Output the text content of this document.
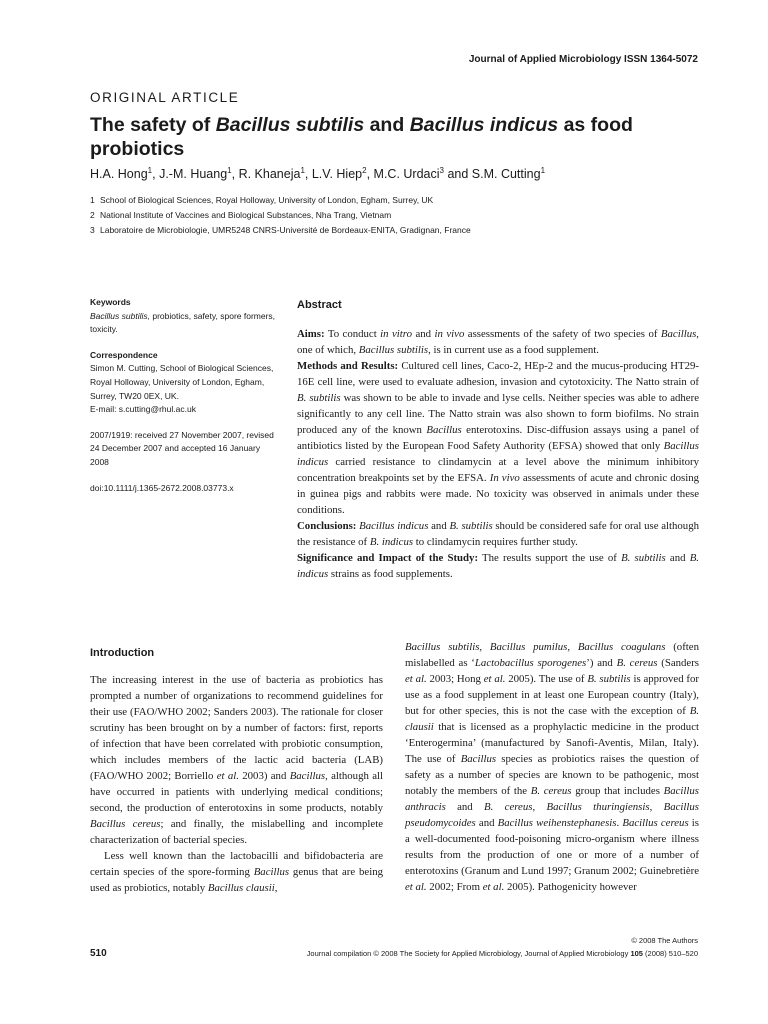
Journal of Applied Microbiology ISSN 1364-5072
ORIGINAL ARTICLE
The safety of Bacillus subtilis and Bacillus indicus as food probiotics
H.A. Hong$^1$, J.-M. Huang$^1$, R. Khaneja$^1$, L.V. Hiep$^2$, M.C. Urdaci$^3$ and S.M. Cutting$^1$
1 School of Biological Sciences, Royal Holloway, University of London, Egham, Surrey, UK
2 National Institute of Vaccines and Biological Substances, Nha Trang, Vietnam
3 Laboratoire de Microbiologie, UMR5248 CNRS-Université de Bordeaux-ENITA, Gradignan, France
Keywords

Bacillus subtilis, probiotics, safety, spore formers, toxicity.

Correspondence

Simon M. Cutting, School of Biological Sciences, Royal Holloway, University of London, Egham, Surrey, TW20 0EX, UK.

E-mail: s.cutting@rhul.ac.uk

2007/1919: received 27 November 2007, revised 24 December 2007 and accepted 16 January 2008

doi:10.1111/j.1365-2672.2008.03773.x

Abstract

Aims: To conduct in vitro and in vivo assessments of the safety of two species of Bacillus, one of which, Bacillus subtilis, is in current use as a food supplement.

Methods and Results: Cultured cell lines, Caco-2, HEp-2 and the mucus-producing HT29-16E cell line, were used to evaluate adhesion, invasion and cytotoxicity. The Natto strain of B. subtilis was shown to be able to invade and lyse cells. Neither species was able to adhere significantly to any cell line. The Natto strain was also shown to form biofilms. No strain produced any of the known Bacillus enterotoxins. Disc-diffusion assays using a panel of antibiotics listed by the European Food Safety Authority (EFSA) showed that only Bacillus indicus carried resistance to clindamycin at a level above the minimum inhibitory concentration breakpoints set by the EFSA. In vivo assessments of acute and chronic dosing in guinea pigs and rabbits were made. No toxicity was observed in animals under these conditions.

Conclusions: Bacillus indicus and B. subtilis should be considered safe for oral use although the resistance of B. indicus to clindamycin requires further study.

Significance and Impact of the Study: The results support the use of B. subtilis and B. indicus strains as food supplements.

Introduction

The increasing interest in the use of bacteria as probiotics has prompted a number of organizations to recommend guidelines for their use (FAO/WHO 2002; Sanders 2003). The rationale for closer scrutiny has been brought on by a number of factors: first, reports of infection that have been correlated with probiotic consumption, which includes members of the lactic acid bacteria (LAB) (FAO/WHO 2002; Borriello et al. 2003) and Bacillus, although all have occurred in patients with underlying medical conditions; second, the production of enterotoxins in some products, notably Bacillus cereus; and finally, the mislabelling and incomplete characterization of bacterial species.

Less well known than the lactobacilli and bifidobacteria are certain species of the spore-forming Bacillus genus that are being used as probiotics, notably Bacillus clausii,

Bacillus subtilis, Bacillus pumilus, Bacillus coagulans (often mislabelled as ‘Lactobacillus sporogenes’) and B. cereus (Sanders et al. 2003; Hong et al. 2005). The use of B. subtilis is approved for use as a food supplement in at least one European country (Italy), but for other species, this is not the case with the exception of B. clausii that is licensed as a prophylactic medicine in the product ‘Enterogermina’ (manufactured by Sanofi-Aventis, Milan, Italy). The use of Bacillus species as probiotics raises the question of safety as a number of species are known to be pathogenic, most notably the members of the B. cereus group that includes Bacillus anthracis and B. cereus, Bacillus thuringiensis, Bacillus pseudomycoides and Bacillus weihenstephanesis. Bacillus cereus is a well-documented food-poisoning micro-organism where illness results from the production of one or more of a number of enterotoxins (Granum and Lund 1997; Granum 2002; Guinebretière et al. 2002; From et al. 2005). Pathogenicity however

© 2008 The Authors
510	Journal compilation © 2008 The Society for Applied Microbiology, Journal of Applied Microbiology 105 (2008) 510–520
